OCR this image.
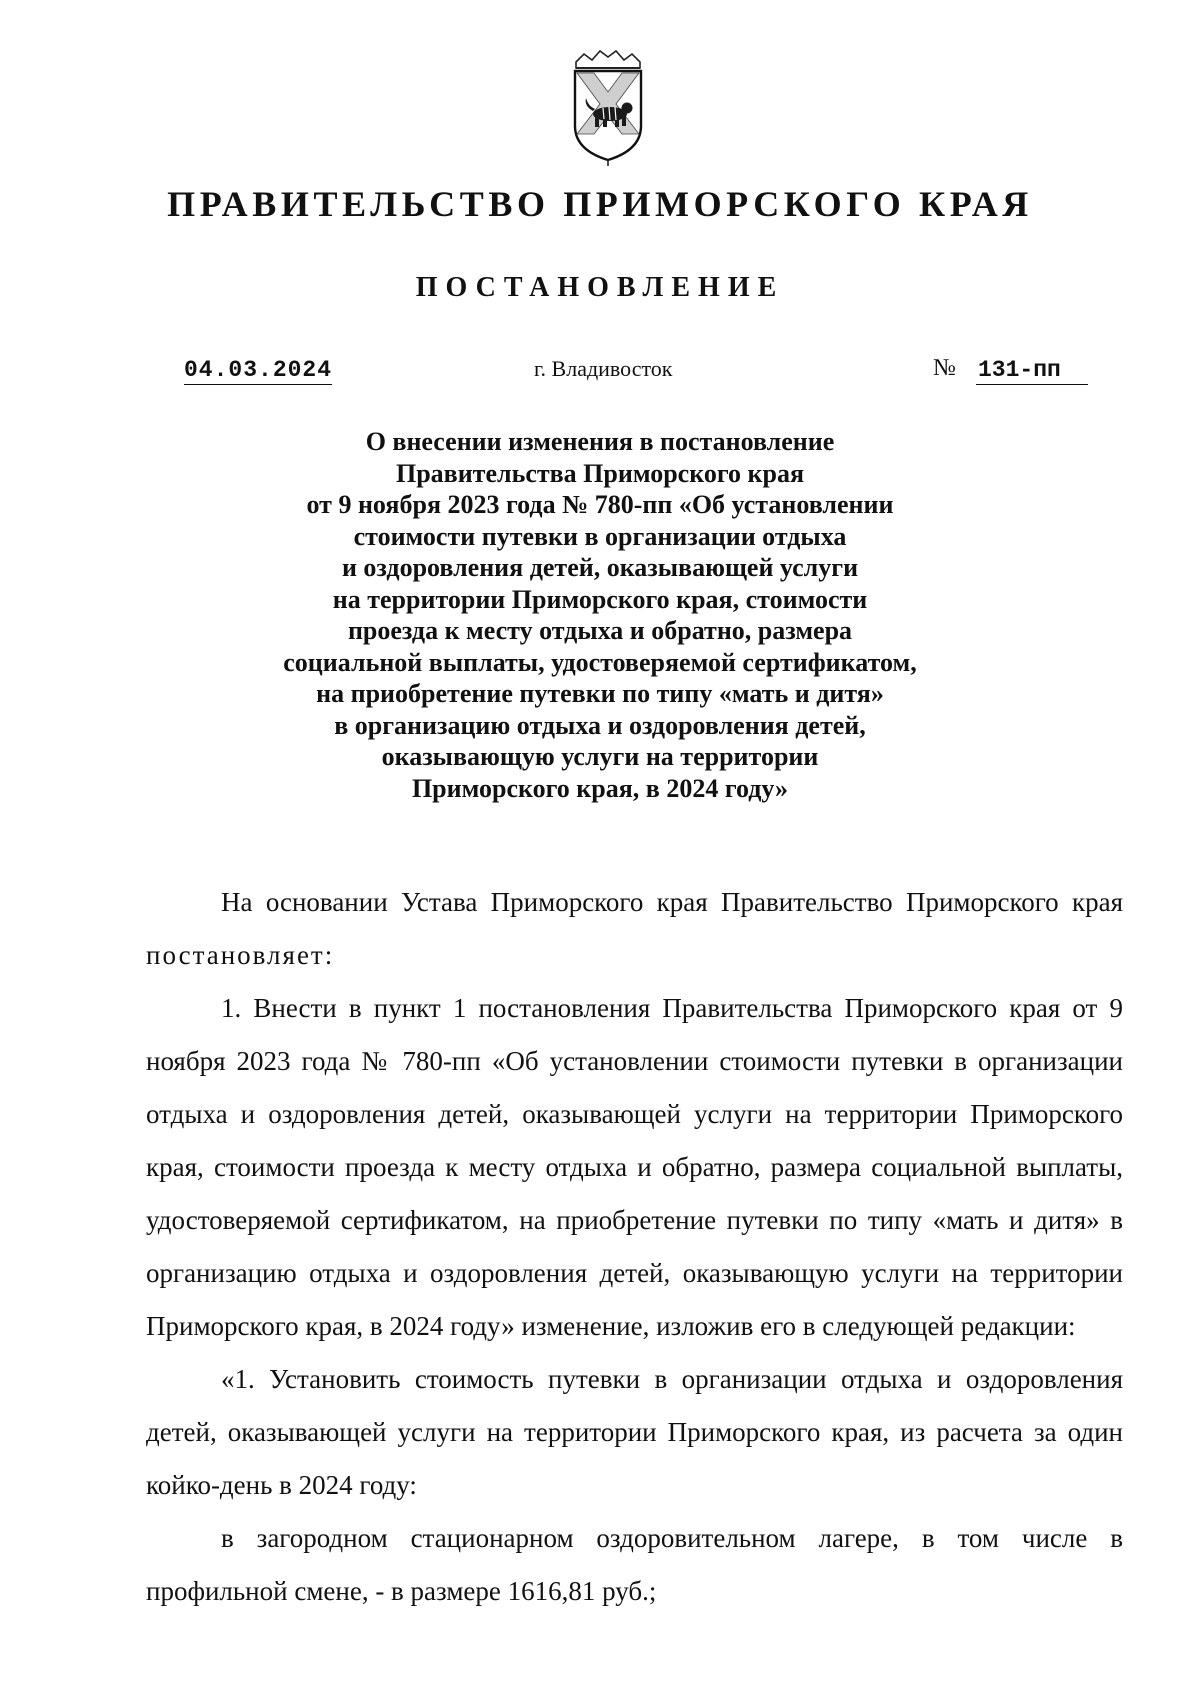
ПРАВИТЕЛЬСТВО ПРИМОРСКОГО КРАЯ
ПОСТАНОВЛЕНИЕ
04.03.2024	г. Владивосток	№ 131-пп
О внесении изменения в постановление
Правительства Приморского края
от 9 ноября 2023 года № 780-пп «Об установлении
стоимости путевки в организации отдыха
и оздоровления детей, оказывающей услуги
на территории Приморского края, стоимости
проезда к месту отдыха и обратно, размера
социальной выплаты, удостоверяемой сертификатом,
на приобретение путевки по типу «мать и дитя»
в организацию отдыха и оздоровления детей,
оказывающую услуги на территории
Приморского края, в 2024 году»

На основании Устава Приморского края Правительство Приморского края постановляет:

1. Внести в пункт 1 постановления Правительства Приморского края от 9 ноября 2023 года № 780-пп «Об установлении стоимости путевки в организации отдыха и оздоровления детей, оказывающей услуги на территории Приморского края, стоимости проезда к месту отдыха и обратно, размера социальной выплаты, удостоверяемой сертификатом, на приобретение путевки по типу «мать и дитя» в организацию отдыха и оздоровления детей, оказывающую услуги на территории Приморского края, в 2024 году» изменение, изложив его в следующей редакции:

«1. Установить стоимость путевки в организации отдыха и оздоровления детей, оказывающей услуги на территории Приморского края, из расчета за один койко-день в 2024 году:

в загородном стационарном оздоровительном лагере, в том числе в профильной смене, - в размере 1616,81 руб.;
